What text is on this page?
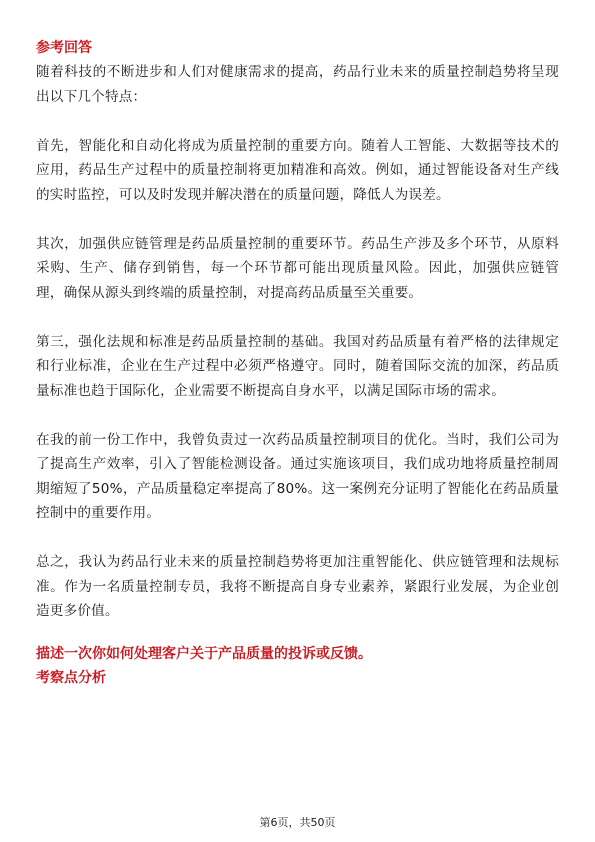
参考回答

随着科技的不断进步和人们对健康需求的提高，药品行业未来的质量控制趋势将呈现出以下几个特点：

首先，智能化和自动化将成为质量控制的重要方向。随着人工智能、大数据等技术的应用，药品生产过程中的质量控制将更加精准和高效。例如，通过智能设备对生产线的实时监控，可以及时发现并解决潜在的质量问题，降低人为误差。

其次，加强供应链管理是药品质量控制的重要环节。药品生产涉及多个环节，从原料采购、生产、储存到销售，每一个环节都可能出现质量风险。因此，加强供应链管理，确保从源头到终端的质量控制，对提高药品质量至关重要。

第三，强化法规和标准是药品质量控制的基础。我国对药品质量有着严格的法律规定和行业标准，企业在生产过程中必须严格遵守。同时，随着国际交流的加深，药品质量标准也趋于国际化，企业需要不断提高自身水平，以满足国际市场的需求。

在我的前一份工作中，我曾负责过一次药品质量控制项目的优化。当时，我们公司为了提高生产效率，引入了智能检测设备。通过实施该项目，我们成功地将质量控制周期缩短了50%，产品质量稳定率提高了80%。这一案例充分证明了智能化在药品质量控制中的重要作用。

总之，我认为药品行业未来的质量控制趋势将更加注重智能化、供应链管理和法规标准。作为一名质量控制专员，我将不断提高自身专业素养，紧跟行业发展，为企业创造更多价值。

描述一次你如何处理客户关于产品质量的投诉或反馈。

考察点分析

第6页，共50页
